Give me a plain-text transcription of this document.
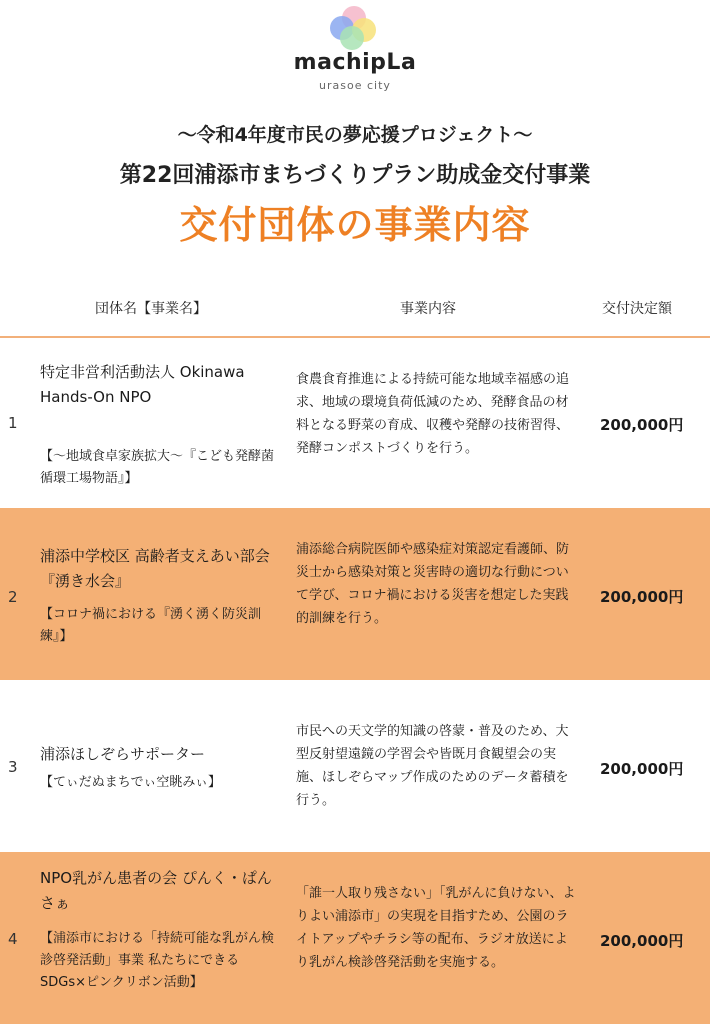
machipLa
urasoe city
〜令和4年度市民の夢応援プロジェクト〜
第22回浦添市まちづくりプラン助成金交付事業
交付団体の事業内容
団体名【事業名】	事業内容	交付決定額
1
特定非営利活動法人 Okinawa Hands-On NPO
【〜地域食卓家族拡大〜『こども発酵菌循環工場物語』】
食農食育推進による持続可能な地域幸福感の追求、地域の環境負荷低減のため、発酵食品の材料となる野菜の育成、収穫や発酵の技術習得、発酵コンポストづくりを行う。
200,000円
2
浦添中学校区 高齢者支えあい部会『湧き水会』
【コロナ禍における『湧く湧く防災訓練』】
浦添総合病院医師や感染症対策認定看護師、防災士から感染対策と災害時の適切な行動について学び、コロナ禍における災害を想定した実践的訓練を行う。
200,000円
3
浦添ほしぞらサポーター
【てぃだぬまちでぃ空眺みぃ】
市民への天文学的知識の啓蒙・普及のため、大型反射望遠鏡の学習会や皆既月食観望会の実施、ほしぞらマップ作成のためのデータ蓄積を行う。
200,000円
4
NPO乳がん患者の会 ぴんく・ぱんさぁ
【浦添市における「持続可能な乳がん検診啓発活動」事業 私たちにできるSDGs×ピンクリボン活動】
「誰一人取り残さない」「乳がんに負けない、よりよい浦添市」の実現を目指すため、公園のライトアップやチラシ等の配布、ラジオ放送により乳がん検診啓発活動を実施する。
200,000円
